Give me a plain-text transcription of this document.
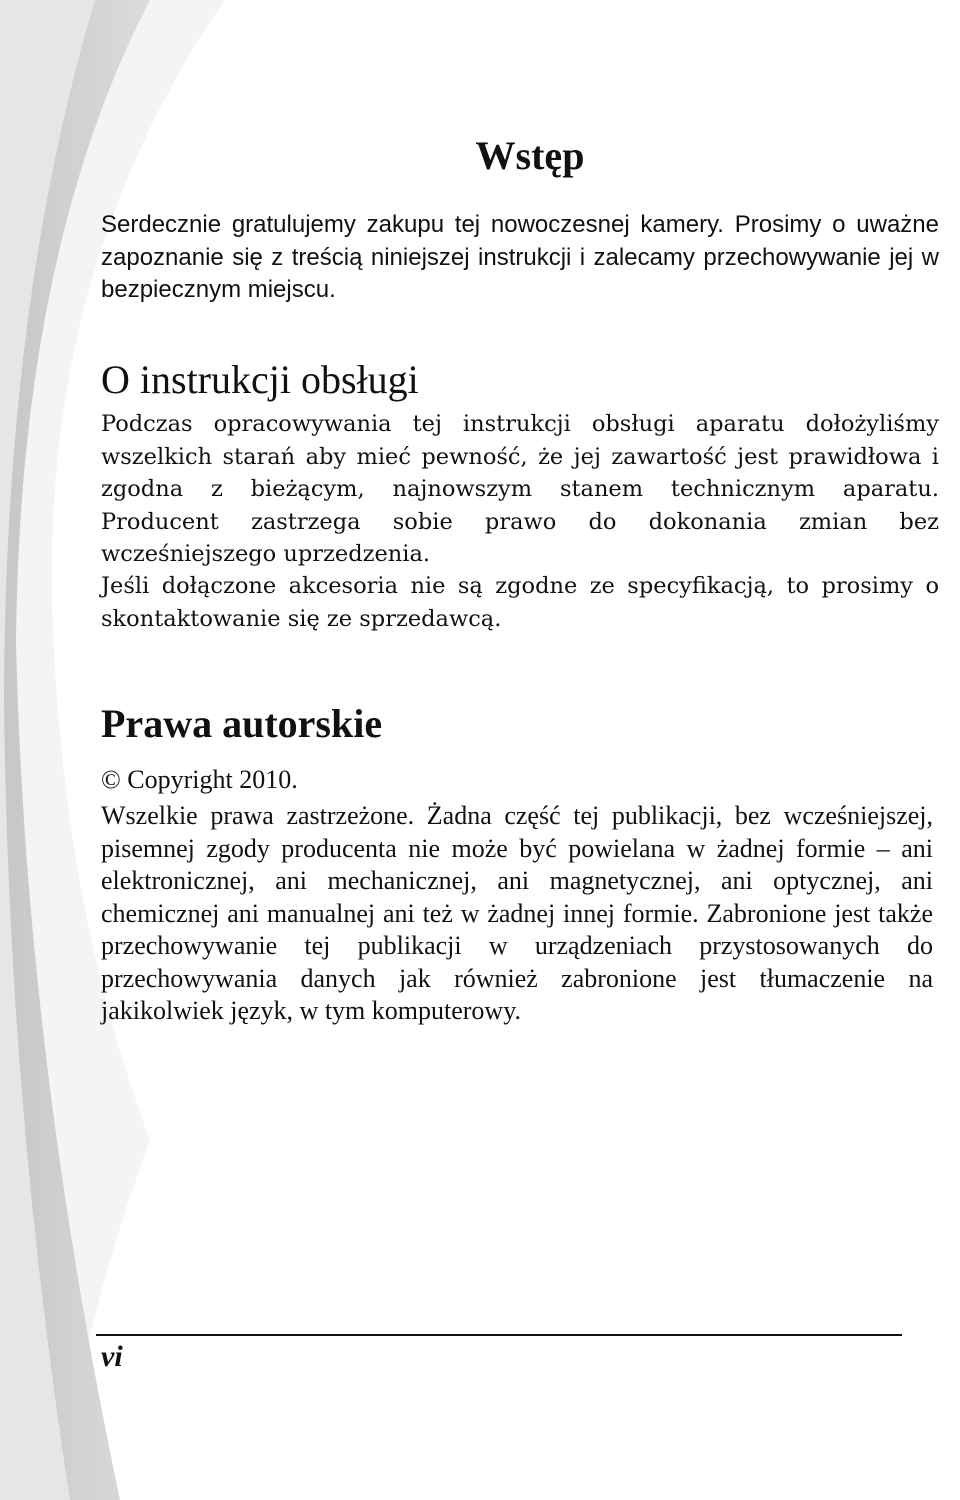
Wstęp

Serdecznie gratulujemy zakupu tej nowoczesnej kamery. Prosimy o uważne zapoznanie się z treścią niniejszej instrukcji i zalecamy przechowywanie jej w bezpiecznym miejscu.

O instrukcji obsługi

Podczas opracowywania tej instrukcji obsługi aparatu dołożyliśmy wszelkich starań aby mieć pewność, że jej zawartość jest prawidłowa i zgodna z bieżącym, najnowszym stanem technicznym aparatu. Producent zastrzega sobie prawo do dokonania zmian bez wcześniejszego uprzedzenia.

Jeśli dołączone akcesoria nie są zgodne ze specyfikacją, to prosimy o skontaktowanie się ze sprzedawcą.

Prawa autorskie

© Copyright 2010.

Wszelkie prawa zastrzeżone. Żadna część tej publikacji, bez wcześniejszej, pisemnej zgody producenta nie może być powielana w żadnej formie – ani elektronicznej, ani mechanicznej, ani magnetycznej, ani optycznej, ani chemicznej ani manualnej ani też w żadnej innej formie. Zabronione jest także przechowywanie tej publikacji w urządzeniach przystosowanych do przechowywania danych jak również zabronione jest tłumaczenie na jakikolwiek język, w tym komputerowy.

vi
